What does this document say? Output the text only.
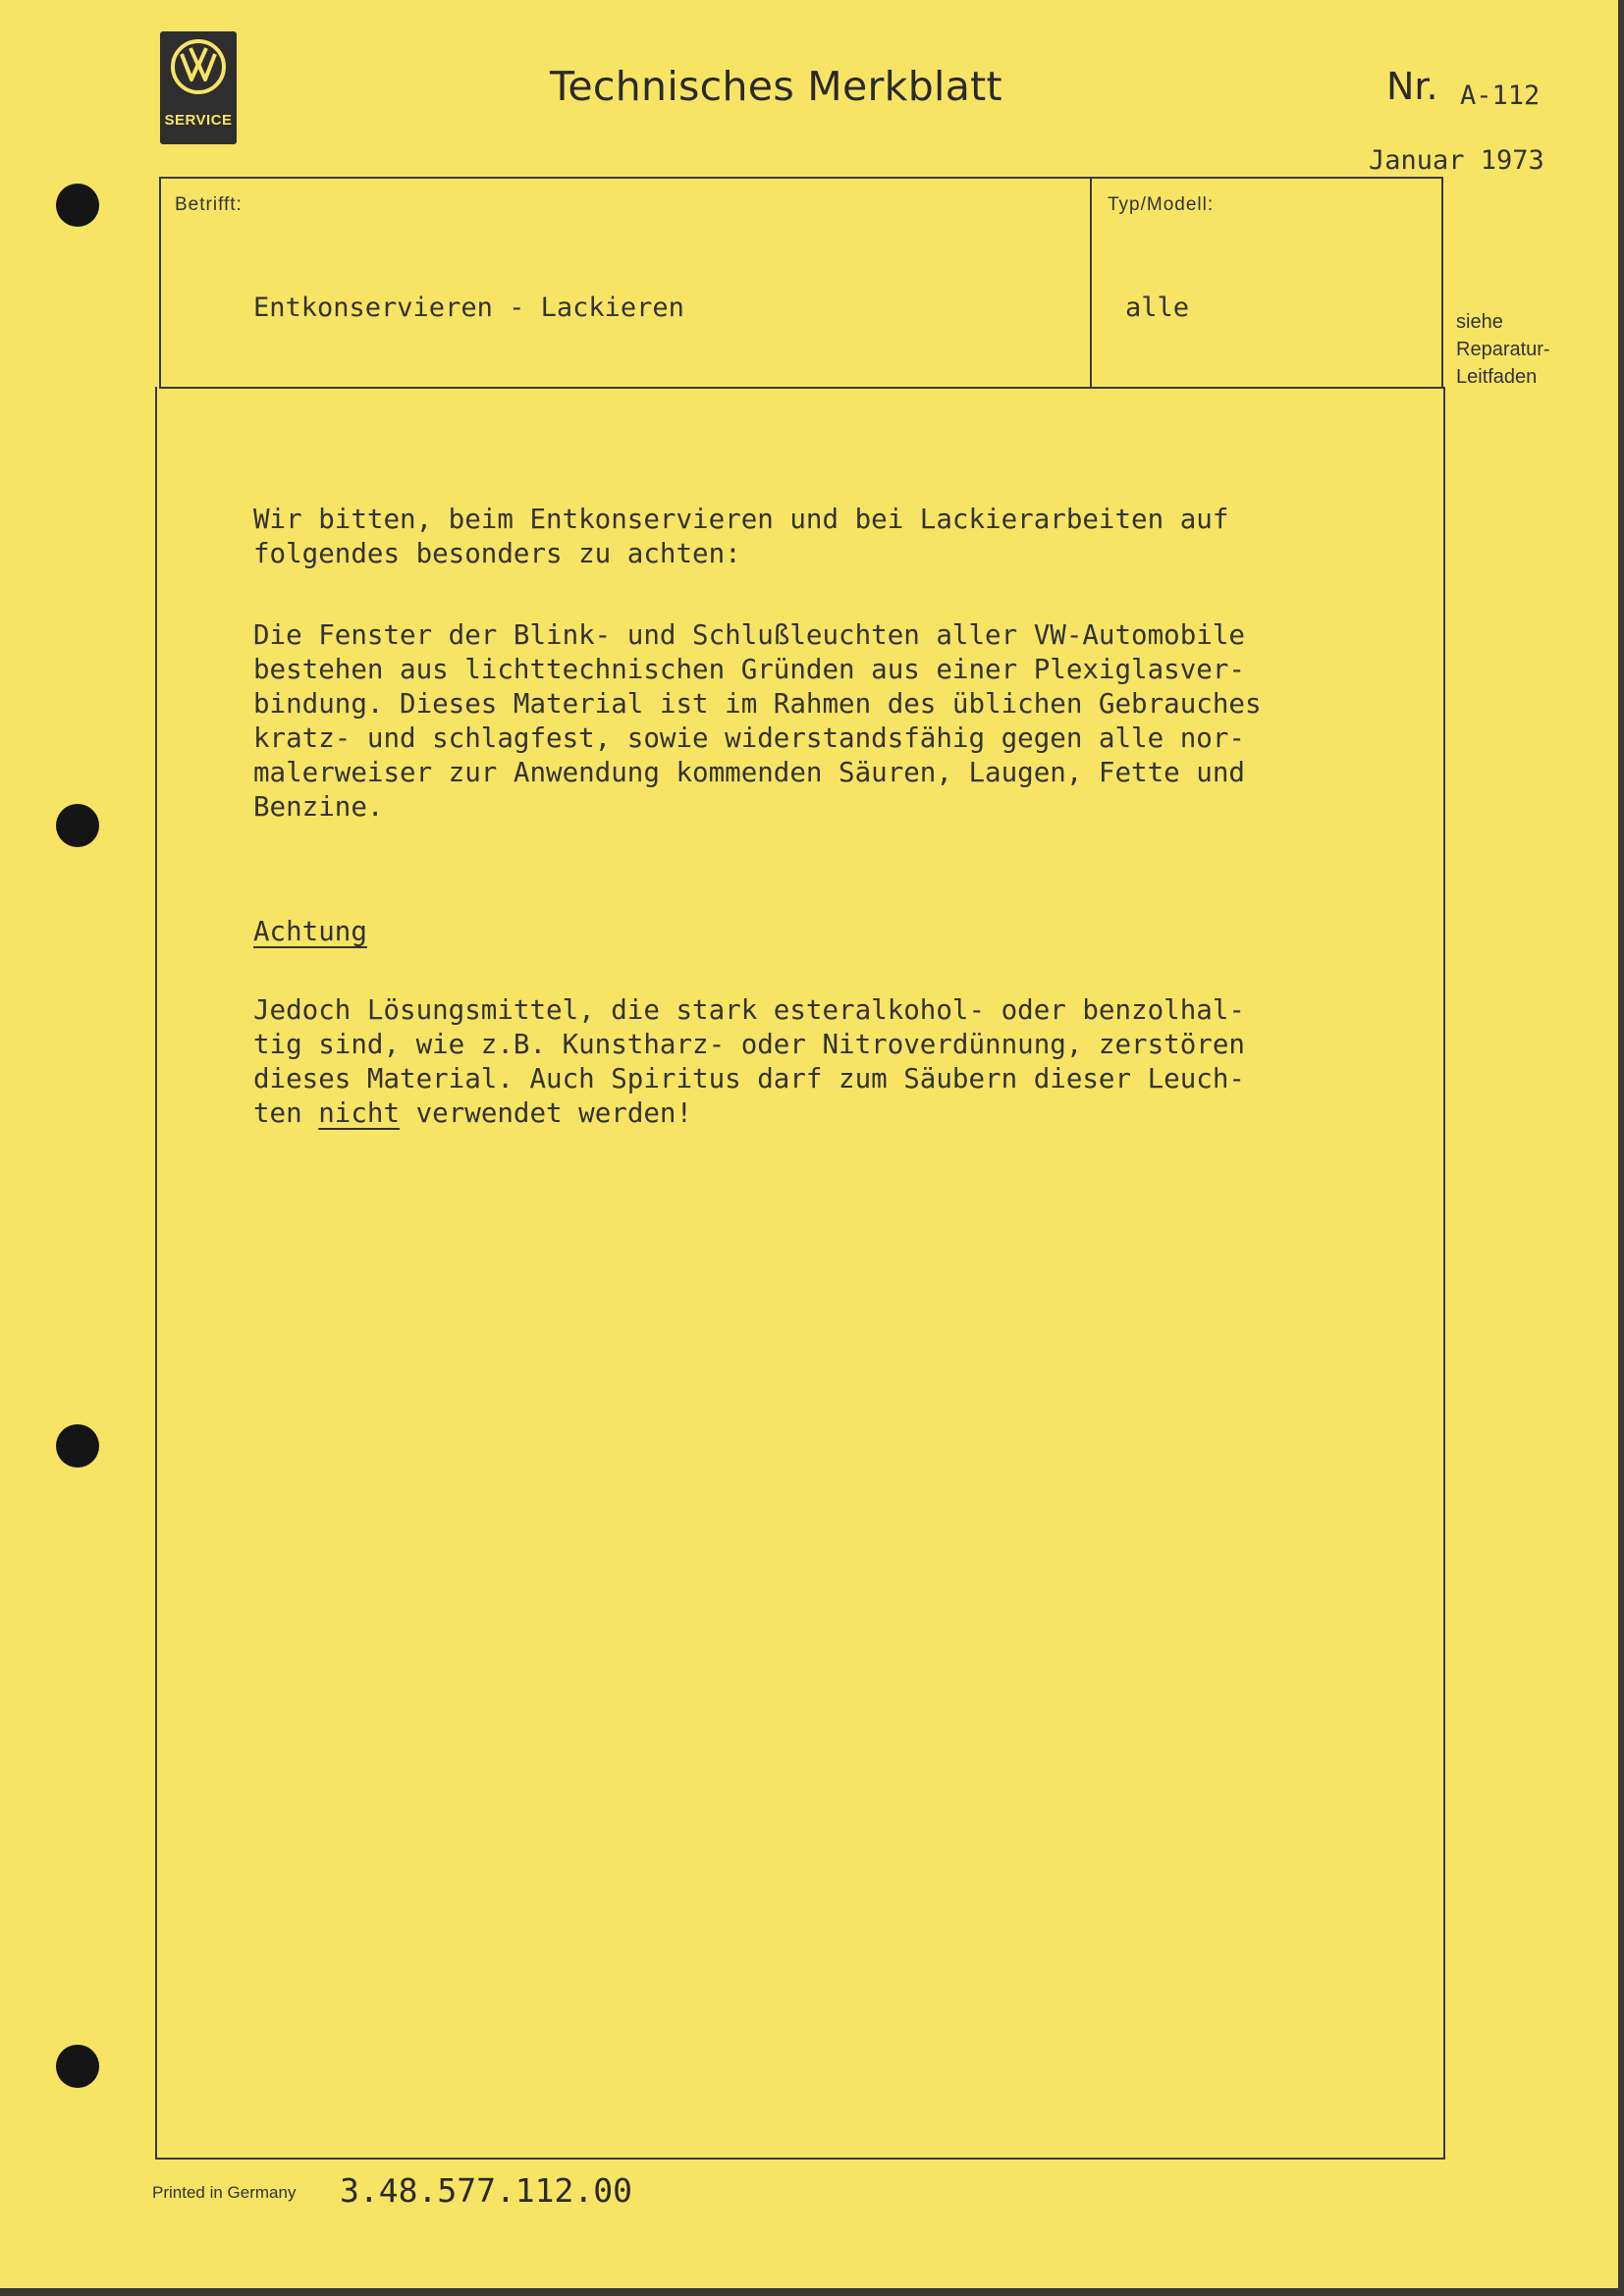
SERVICE
Technisches Merkblatt	Nr. A-112
Januar 1973
Betrifft:	Typ/Modell:
Entkonservieren - Lackieren	alle	siehe
Reparatur-
Leitfaden
Wir bitten, beim Entkonservieren und bei Lackierarbeiten auf
folgendes besonders zu achten:
Die Fenster der Blink- und Schlußleuchten aller VW-Automobile
bestehen aus lichttechnischen Gründen aus einer Plexiglasver-
bindung. Dieses Material ist im Rahmen des üblichen Gebrauches
kratz- und schlagfest, sowie widerstandsfähig gegen alle nor-
malerweiser zur Anwendung kommenden Säuren, Laugen, Fette und
Benzine.
Achtung
Jedoch Lösungsmittel, die stark esteralkohol- oder benzolhal-
tig sind, wie z.B. Kunstharz- oder Nitroverdünnung, zerstören
dieses Material. Auch Spiritus darf zum Säubern dieser Leuch-
ten nicht verwendet werden!
Printed in Germany 3.48.577.112.00
